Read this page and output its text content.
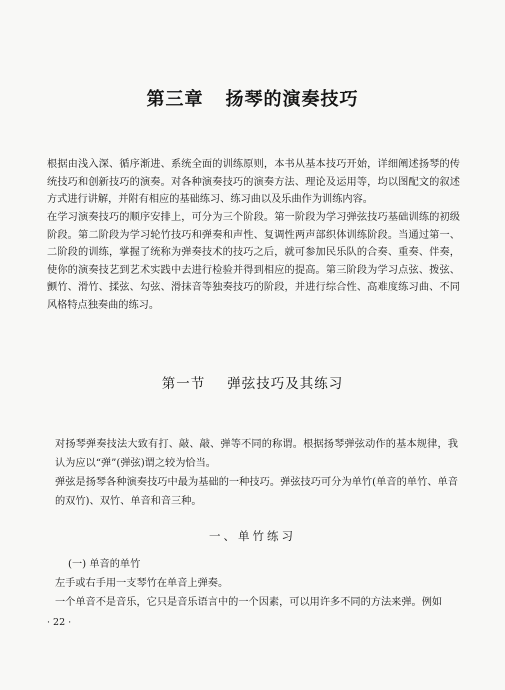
第三章 扬琴的演奏技巧

根据由浅入深、循序渐进、系统全面的训练原则，本书从基本技巧开始，详细阐述扬琴的传统技巧和创新技巧的演奏。对各种演奏技巧的演奏方法、理论及运用等，均以图配文的叙述方式进行讲解，并附有相应的基础练习、练习曲以及乐曲作为训练内容。

在学习演奏技巧的顺序安排上，可分为三个阶段。第一阶段为学习弹弦技巧基础训练的初级阶段。第二阶段为学习轮竹技巧和弹奏和声性、复调性两声部织体训练阶段。当通过第一、二阶段的训练，掌握了统称为弹奏技术的技巧之后，就可参加民乐队的合奏、重奏、伴奏，使你的演奏技艺到艺术实践中去进行检验并得到相应的提高。第三阶段为学习点弦、拨弦、颤竹、滑竹、揉弦、勾弦、滑抹音等独奏技巧的阶段，并进行综合性、高难度练习曲、不同风格特点独奏曲的练习。

第一节 弹弦技巧及其练习

对扬琴弹奏技法大致有打、敲、敲、弹等不同的称谓。根据扬琴弹弦动作的基本规律，我认为应以“弹”(弹弦)谓之较为恰当。

弹弦是扬琴各种演奏技巧中最为基础的一种技巧。弹弦技巧可分为单竹(单音的单竹、单音的双竹)、双竹、单音和音三种。

一、单竹练习
(一) 单音的单竹

左手或右手用一支琴竹在单音上弹奏。

一个单音不是音乐，它只是音乐语言中的一个因素，可以用许多不同的方法来弹。例如

· 22 ·
